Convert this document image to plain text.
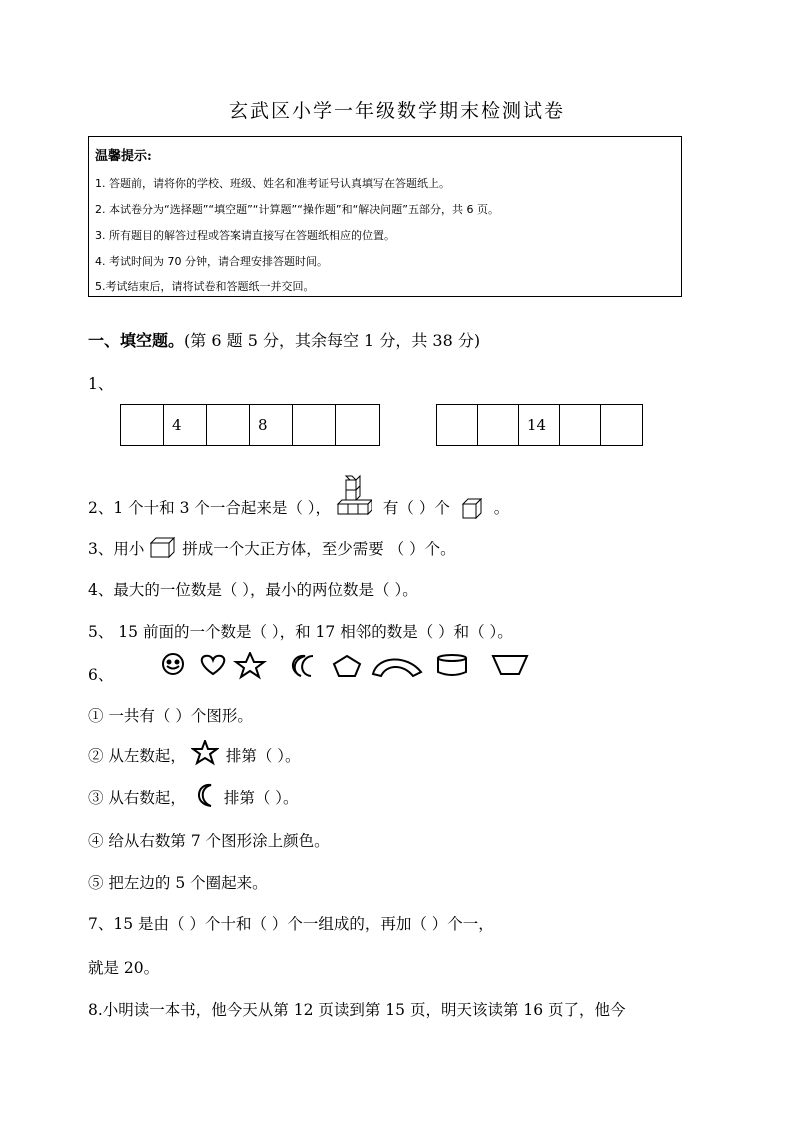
玄武区小学一年级数学期末检测试卷
温馨提示:
1. 答题前，请将你的学校、班级、姓名和准考证号认真填写在答题纸上。
2. 本试卷分为“选择题”“填空题”“计算题”“操作题”和“解决问题”五部分，共 6 页。
3. 所有题目的解答过程或答案请直接写在答题纸相应的位置。
4. 考试时间为 70 分钟，请合理安排答题时间。
5.考试结束后，请将试卷和答题纸一并交回。
一、填空题。(第 6 题 5 分，其余每空 1 分，共 38 分)
1、
4	8	14
2、1 个十和 3 个一合起来是（ ），	有（ ）个	。
3、用小 拼成一个大正方体，至少需要 （ ）个。
4、最大的一位数是（ ），最小的两位数是（ ）。
5、 15 前面的一个数是（ ），和 17 相邻的数是（ ）和（ ）。
6、
① 一共有（ ）个图形。
② 从左数起，	排第（ ）。
③ 从右数起， 排第（ ）。
④ 给从右数第 7 个图形涂上颜色。
⑤ 把左边的 5 个圈起来。
7、15 是由（ ）个十和（ ）个一组成的，再加（ ）个一，
就是 20。
8.小明读一本书，他今天从第 12 页读到第 15 页，明天该读第 16 页了，他今
